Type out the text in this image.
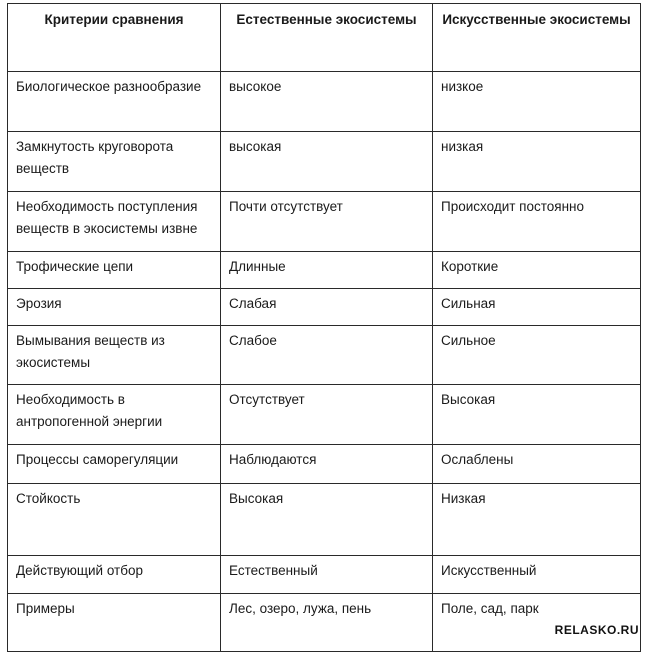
Критерии сравнения	Естественные экосистемы	Искусственные экосистемы
Биологическое разнообразие	высокое	низкое
Замкнутость круговорота веществ	высокая	низкая
Необходимость поступления веществ в экосистемы извне	Почти отсутствует	Происходит постоянно
Трофические цепи	Длинные	Короткие
Эрозия	Слабая	Сильная
Вымывания веществ из экосистемы	Слабое	Сильное
Необходимость в антропогенной энергии	Отсутствует	Высокая
Процессы саморегуляции	Наблюдаются	Ослаблены
Стойкость	Высокая	Низкая
Действующий отбор	Естественный	Искусственный
Примеры	Лес, озеро, лужа, пень	Поле, сад, парк
RELASKO.RU
